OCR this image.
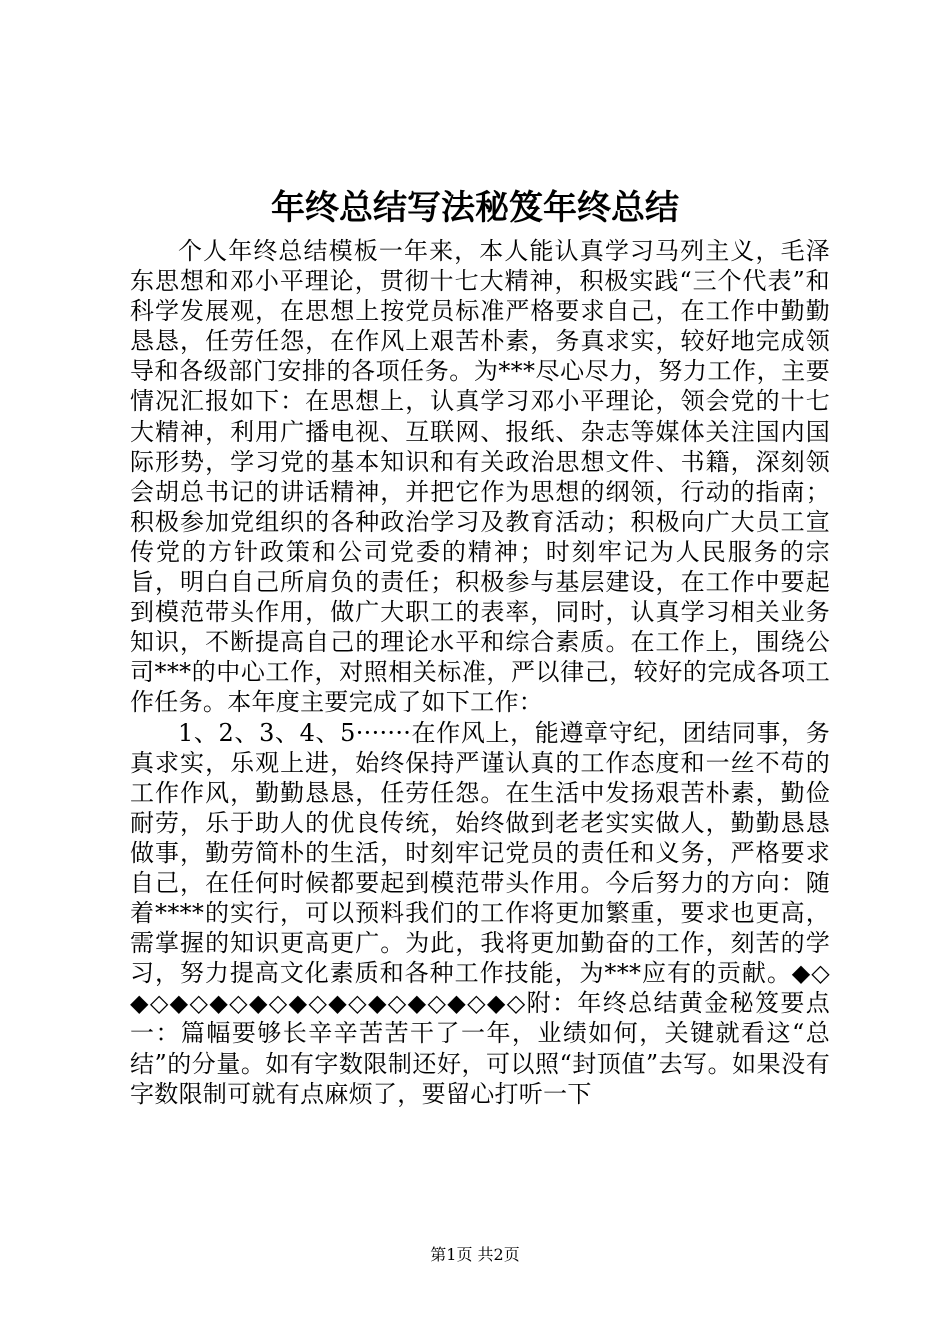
年终总结写法秘笈年终总结

个人年终总结模板一年来，本人能认真学习马列主义，毛泽东思想和邓小平理论，贯彻十七大精神，积极实践“三个代表”和科学发展观，在思想上按党员标准严格要求自己，在工作中勤勤恳恳，任劳任怨，在作风上艰苦朴素，务真求实，较好地完成领导和各级部门安排的各项任务。为***尽心尽力，努力工作，主要情况汇报如下：在思想上，认真学习邓小平理论，领会党的十七大精神，利用广播电视、互联网、报纸、杂志等媒体关注国内国际形势，学习党的基本知识和有关政治思想文件、书籍，深刻领会胡总书记的讲话精神，并把它作为思想的纲领，行动的指南；积极参加党组织的各种政治学习及教育活动；积极向广大员工宣传党的方针政策和公司党委的精神；时刻牢记为人民服务的宗旨，明白自己所肩负的责任；积极参与基层建设，在工作中要起到模范带头作用，做广大职工的表率，同时，认真学习相关业务知识，不断提高自己的理论水平和综合素质。在工作上，围绕公司***的中心工作，对照相关标准，严以律己，较好的完成各项工作任务。本年度主要完成了如下工作：

1、2、3、4、5·······在作风上，能遵章守纪，团结同事，务真求实，乐观上进，始终保持严谨认真的工作态度和一丝不苟的工作作风，勤勤恳恳，任劳任怨。在生活中发扬艰苦朴素，勤俭耐劳，乐于助人的优良传统，始终做到老老实实做人，勤勤恳恳做事，勤劳简朴的生活，时刻牢记党员的责任和义务，严格要求自己，在任何时候都要起到模范带头作用。今后努力的方向：随着****的实行，可以预料我们的工作将更加繁重，要求也更高，需掌握的知识更高更广。为此，我将更加勤奋的工作，刻苦的学习，努力提高文化素质和各种工作技能，为***应有的贡献。◆◇◆◇◆◇◆◇◆◇◆◇◆◇◆◇◆◇◆◇◆◇附：年终总结黄金秘笈要点一：篇幅要够长辛辛苦苦干了一年，业绩如何，关键就看这“总结”的分量。如有字数限制还好，可以照“封顶值”去写。如果没有字数限制可就有点麻烦了，要留心打听一下

第1页 共2页
